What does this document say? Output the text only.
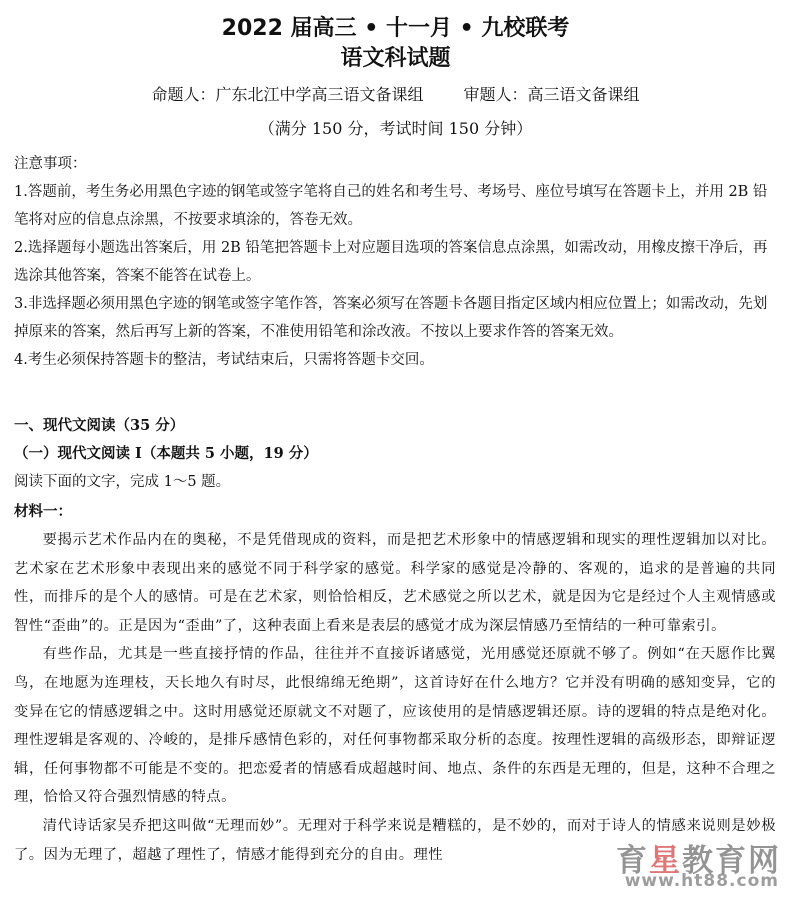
2022 届高三 • 十一月 • 九校联考
语文科试题
命题人：广东北江中学高三语文备课组	审题人：高三语文备课组
（满分 150 分，考试时间 150 分钟）

注意事项：

1.答题前，考生务必用黑色字迹的钢笔或签字笔将自己的姓名和考生号、考场号、座位号填写在答题卡上，并用 2B 铅笔将对应的信息点涂黑，不按要求填涂的，答卷无效。

2.选择题每小题选出答案后，用 2B 铅笔把答题卡上对应题目选项的答案信息点涂黑，如需改动，用橡皮擦干净后，再选涂其他答案，答案不能答在试卷上。

3.非选择题必须用黑色字迹的钢笔或签字笔作答，答案必须写在答题卡各题目指定区域内相应位置上；如需改动，先划掉原来的答案，然后再写上新的答案，不准使用铅笔和涂改液。不按以上要求作答的答案无效。

4.考生必须保持答题卡的整洁，考试结束后，只需将答题卡交回。

一、现代文阅读（35 分）
（一）现代文阅读 I（本题共 5 小题，19 分）
阅读下面的文字，完成 1～5 题。
材料一：

要揭示艺术作品内在的奥秘，不是凭借现成的资料，而是把艺术形象中的情感逻辑和现实的理性逻辑加以对比。艺术家在艺术形象中表现出来的感觉不同于科学家的感觉。科学家的感觉是冷静的、客观的，追求的是普遍的共同性，而排斥的是个人的感情。可是在艺术家，则恰恰相反，艺术感觉之所以艺术，就是因为它是经过个人主观情感或智性“歪曲”的。正是因为“歪曲”了，这种表面上看来是表层的感觉才成为深层情感乃至情结的一种可靠索引。

有些作品，尤其是一些直接抒情的作品，往往并不直接诉诸感觉，光用感觉还原就不够了。例如“在天愿作比翼鸟，在地愿为连理枝，天长地久有时尽，此恨绵绵无绝期”，这首诗好在什么地方？它并没有明确的感知变异，它的变异在它的情感逻辑之中。这时用感觉还原就文不对题了，应该使用的是情感逻辑还原。诗的逻辑的特点是绝对化。理性逻辑是客观的、冷峻的，是排斥感情色彩的，对任何事物都采取分析的态度。按理性逻辑的高级形态，即辩证逻辑，任何事物都不可能是不变的。把恋爱者的情感看成超越时间、地点、条件的东西是无理的，但是，这种不合理之理，恰恰又符合强烈情感的特点。

清代诗话家吴乔把这叫做“无理而妙”。无理对于科学来说是糟糕的，是不妙的，而对于诗人的情感来说则是妙极了。因为无理了，超越了理性了，情感才能得到充分的自由。理性	育星教育网
www.ht88.com
